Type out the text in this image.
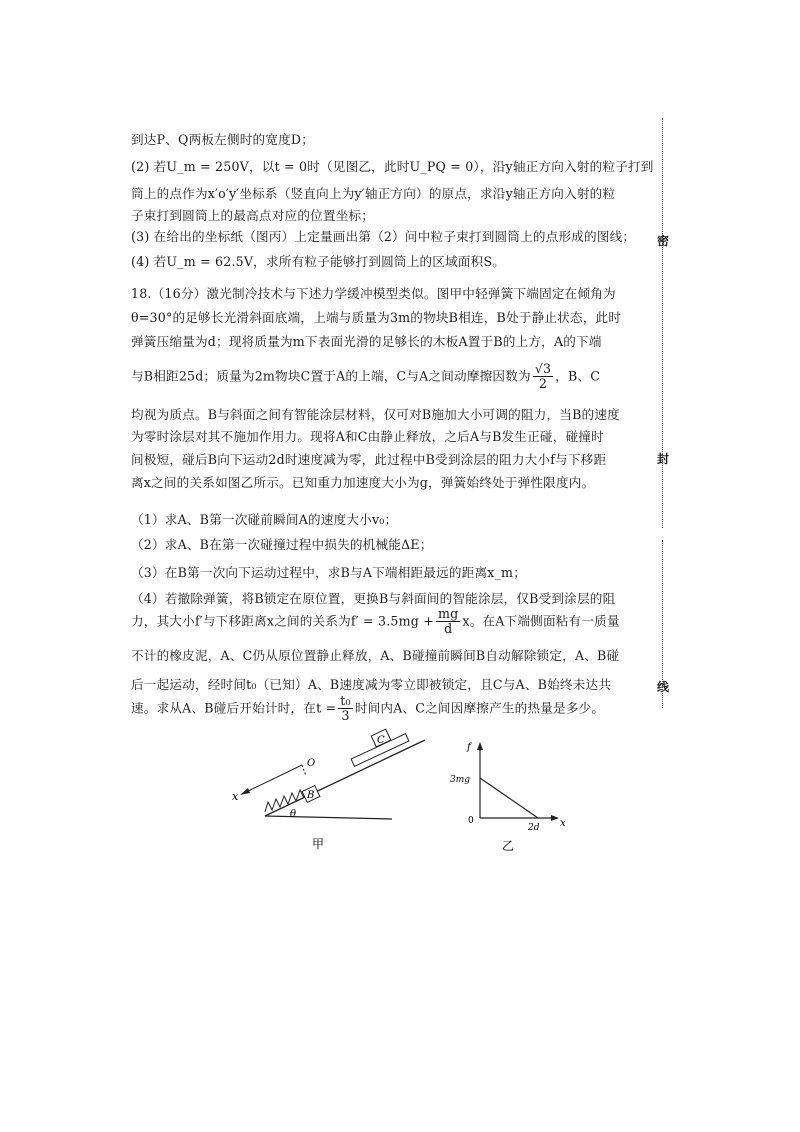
密
封
线
到达P、Q两板左侧时的宽度D；
(2) 若U_m = 250V，以t = 0时（见图乙，此时U_PQ = 0），沿y轴正方向入射的粒子打到
筒上的点作为x′o′y′坐标系（竖直向上为y′轴正方向）的原点，求沿y轴正方向入射的粒
子束打到圆筒上的最高点对应的位置坐标；
(3) 在给出的坐标纸（图丙）上定量画出第（2）问中粒子束打到圆筒上的点形成的图线；
(4) 若U_m = 62.5V，求所有粒子能够打到圆筒上的区域面积S。
18.（16分）激光制冷技术与下述力学缓冲模型类似。图甲中轻弹簧下端固定在倾角为
θ=30°的足够长光滑斜面底端，上端与质量为3m的物块B相连，B处于静止状态，此时
弹簧压缩量为d；现将质量为m下表面光滑的足够长的木板A置于B的上方，A的下端
与B相距25d；质量为2m物块C置于A的上端，C与A之间动摩擦因数为 $\frac{√3}{2}$ ，B、C
均视为质点。B与斜面之间有智能涂层材料，仅可对B施加大小可调的阻力，当B的速度
为零时涂层对其不施加作用力。现将A和C由静止释放，之后A与B发生正碰，碰撞时
间极短，碰后B向下运动2d时速度减为零，此过程中B受到涂层的阻力大小f与下移距
离x之间的关系如图乙所示。已知重力加速度大小为g，弹簧始终处于弹性限度内。
（1）求A、B第一次碰前瞬间A的速度大小v₀；
（2）求A、B在第一次碰撞过程中损失的机械能ΔE；
（3）在B第一次向下运动过程中，求B与A下端相距最远的距离x_m；
（4）若撤除弹簧，将B锁定在原位置，更换B与斜面间的智能涂层，仅B受到涂层的阻
力，其大小f′与下移距离x之间的关系为$f' = 3.5mg + \frac{mg}{d}$ x。在A下端侧面粘有一质量
不计的橡皮泥，A、C仍从原位置静止释放，A、B碰撞前瞬间B自动解除锁定，A、B碰
后一起运动，经时间t₀（已知）A、B速度减为零立即被锁定，且C与A、B始终未达共
速。求从A、B碰后开始计时，在$t = \frac{\text{t₀}}{3}$ 时间内A、C之间因摩擦产生的热量是多少。
B
C
x
O
θ
甲
f
3mg
0
2d x
乙
